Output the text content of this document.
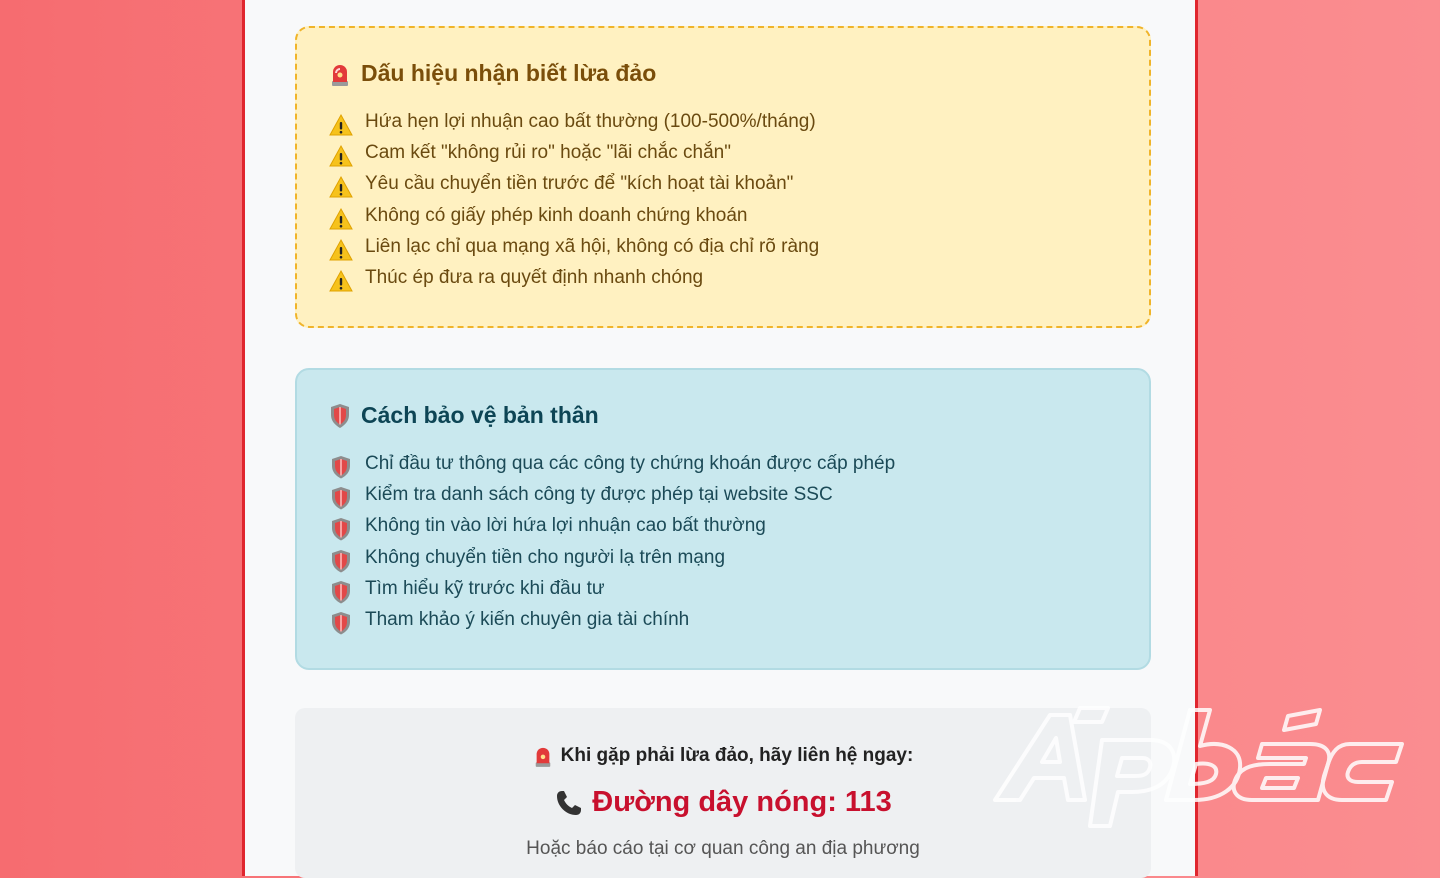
Dấu hiệu nhận biết lừa đảo
Hứa hẹn lợi nhuận cao bất thường (100-500%/tháng)
Cam kết "không rủi ro" hoặc "lãi chắc chắn"
Yêu cầu chuyển tiền trước để "kích hoạt tài khoản"
Không có giấy phép kinh doanh chứng khoán
Liên lạc chỉ qua mạng xã hội, không có địa chỉ rõ ràng
Thúc ép đưa ra quyết định nhanh chóng
Cách bảo vệ bản thân
Chỉ đầu tư thông qua các công ty chứng khoán được cấp phép
Kiểm tra danh sách công ty được phép tại website SSC
Không tin vào lời hứa lợi nhuận cao bất thường
Không chuyển tiền cho người lạ trên mạng
Tìm hiểu kỹ trước khi đầu tư
Tham khảo ý kiến chuyên gia tài chính
Khi gặp phải lừa đảo, hãy liên hệ ngay:
Đường dây nóng: 113
Hoặc báo cáo tại cơ quan công an địa phương
